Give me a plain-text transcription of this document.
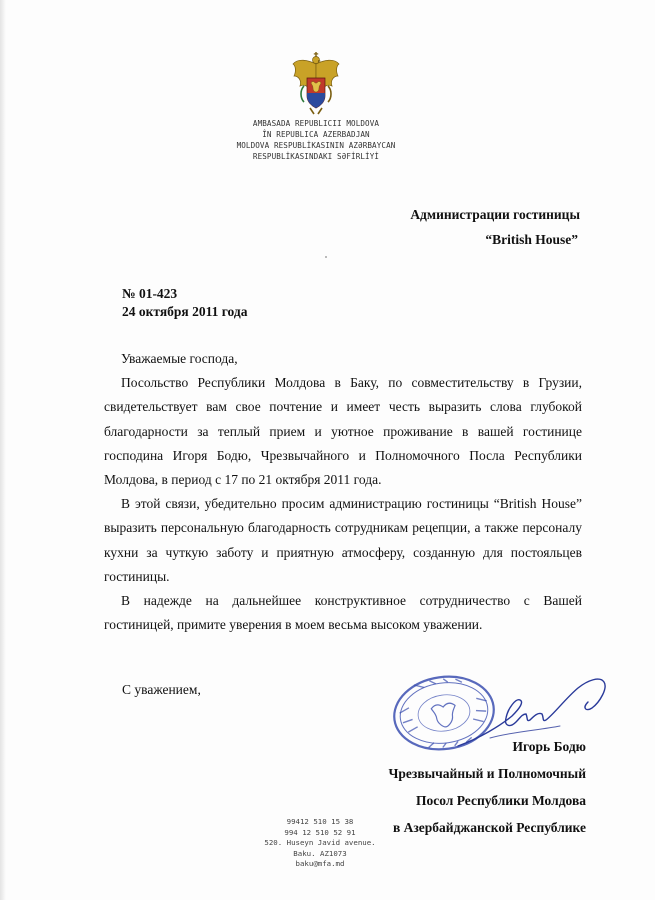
AMBASADA REPUBLICII MOLDOVA
ÎN REPUBLICA AZERBADJAN
MOLDOVA RESPUBLİKASININ AZƏRBAYCAN
RESPUBLİKASINDAKI SƏFİRLİYİ
Администрации гостиницы
“British House”
№ 01-423
24 октября 2011 года

Уважаемые господа,

Посольство Республики Молдова в Баку, по совместительству в Грузии, свидетельствует вам свое почтение и имеет честь выразить слова глубокой благодарности за теплый прием и уютное проживание в вашей гостинице господина Игоря Бодю, Чрезвычайного и Полномочного Посла Республики Молдова, в период с 17 по 21 октября 2011 года.

В этой связи, убедительно просим администрацию гостиницы “British House” выразить персональную благодарность сотрудникам рецепции, а также персоналу кухни за чуткую заботу и приятную атмосферу, созданную для постояльцев гостиницы.

В надежде на дальнейшее конструктивное сотрудничество с Вашей гостиницей, примите уверения в моем весьма высоком уважении.

С уважением,
Игорь Бодю
Чрезвычайный и Полномочный
Посол Республики Молдова
в Азербайджанской Республике
99412 510 15 38
994 12 510 52 91
520. Huseyn Javid avenue.
Baku. AZ1073
baku@mfa.md
